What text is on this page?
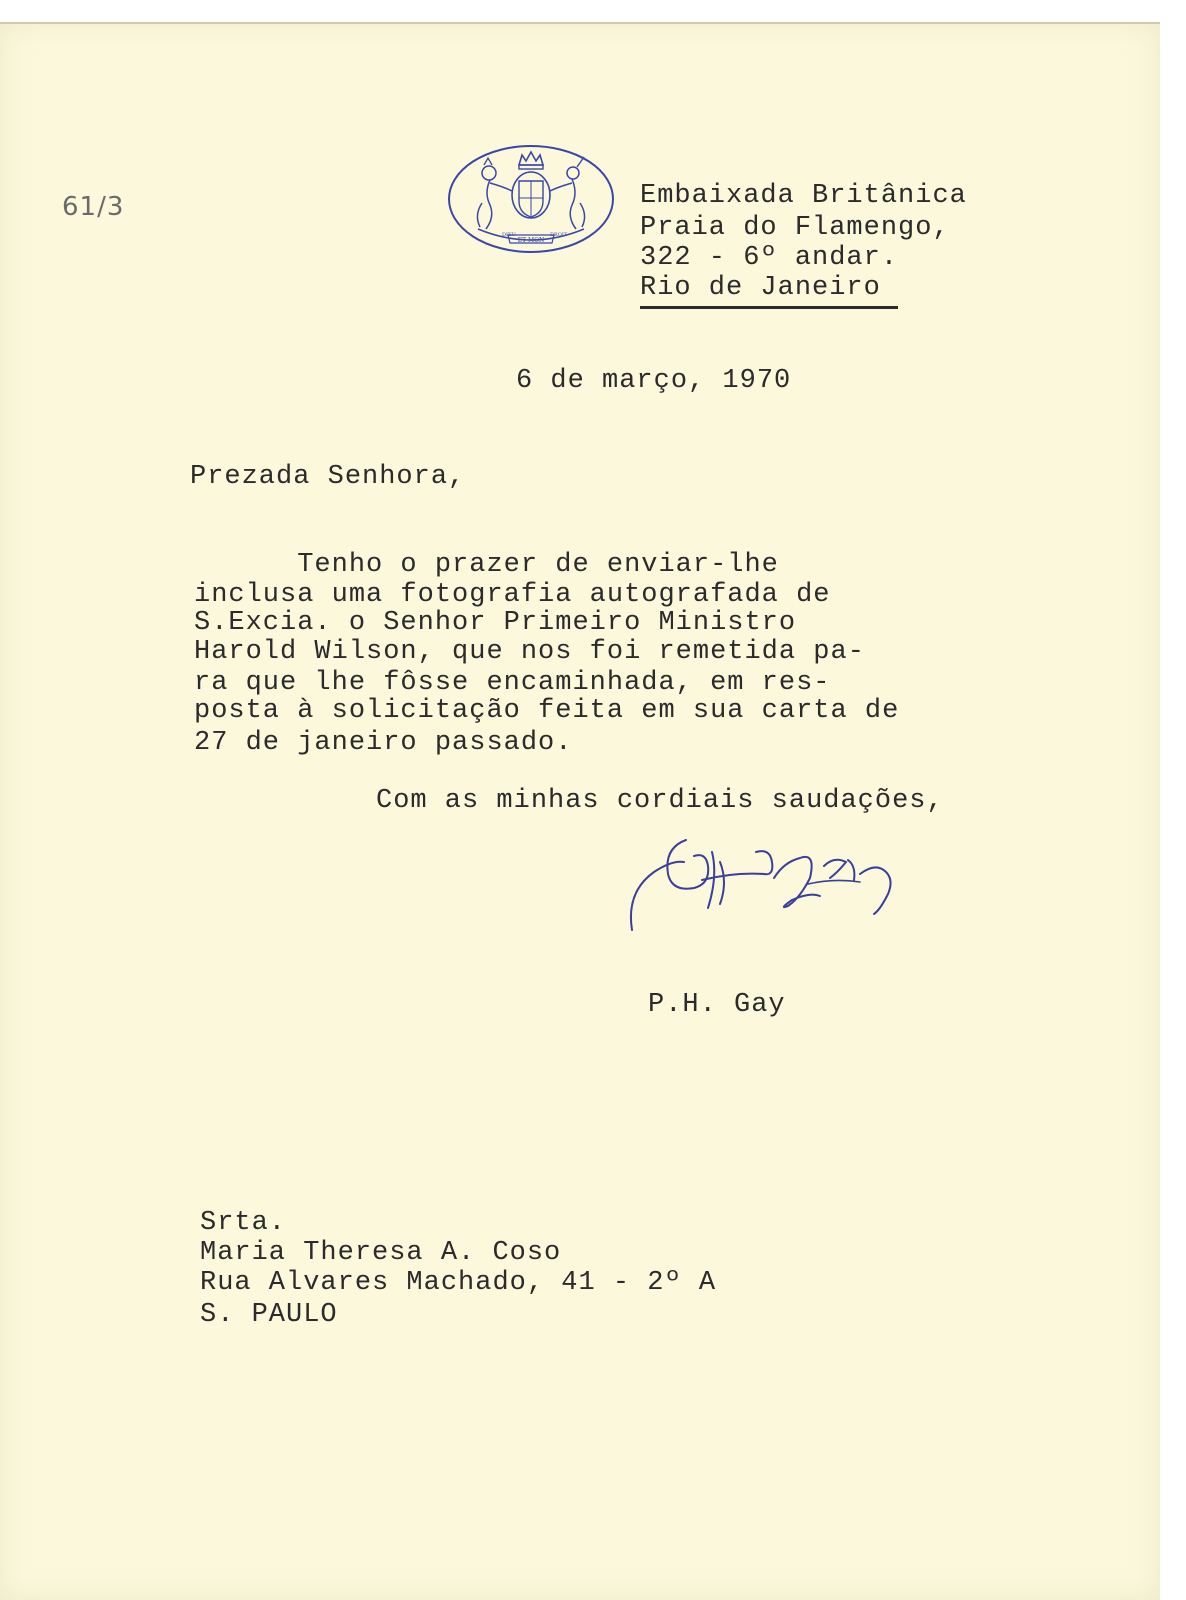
61/3
ET MON
DIEU	DROIT
Embaixada Britânica
Praia do Flamengo,
322 - 6º andar.
Rio de Janeiro
6 de março, 1970
Prezada Senhora,
Tenho o prazer de enviar-lhe
inclusa uma fotografia autografada de
S.Excia. o Senhor Primeiro Ministro
Harold Wilson, que nos foi remetida pa-
ra que lhe fôsse encaminhada, em res-
posta à solicitação feita em sua carta de
27 de janeiro passado.
Com as minhas cordiais saudações,
P.H. Gay
Srta.
Maria Theresa A. Coso
Rua Alvares Machado, 41 - 2º A
S. PAULO
